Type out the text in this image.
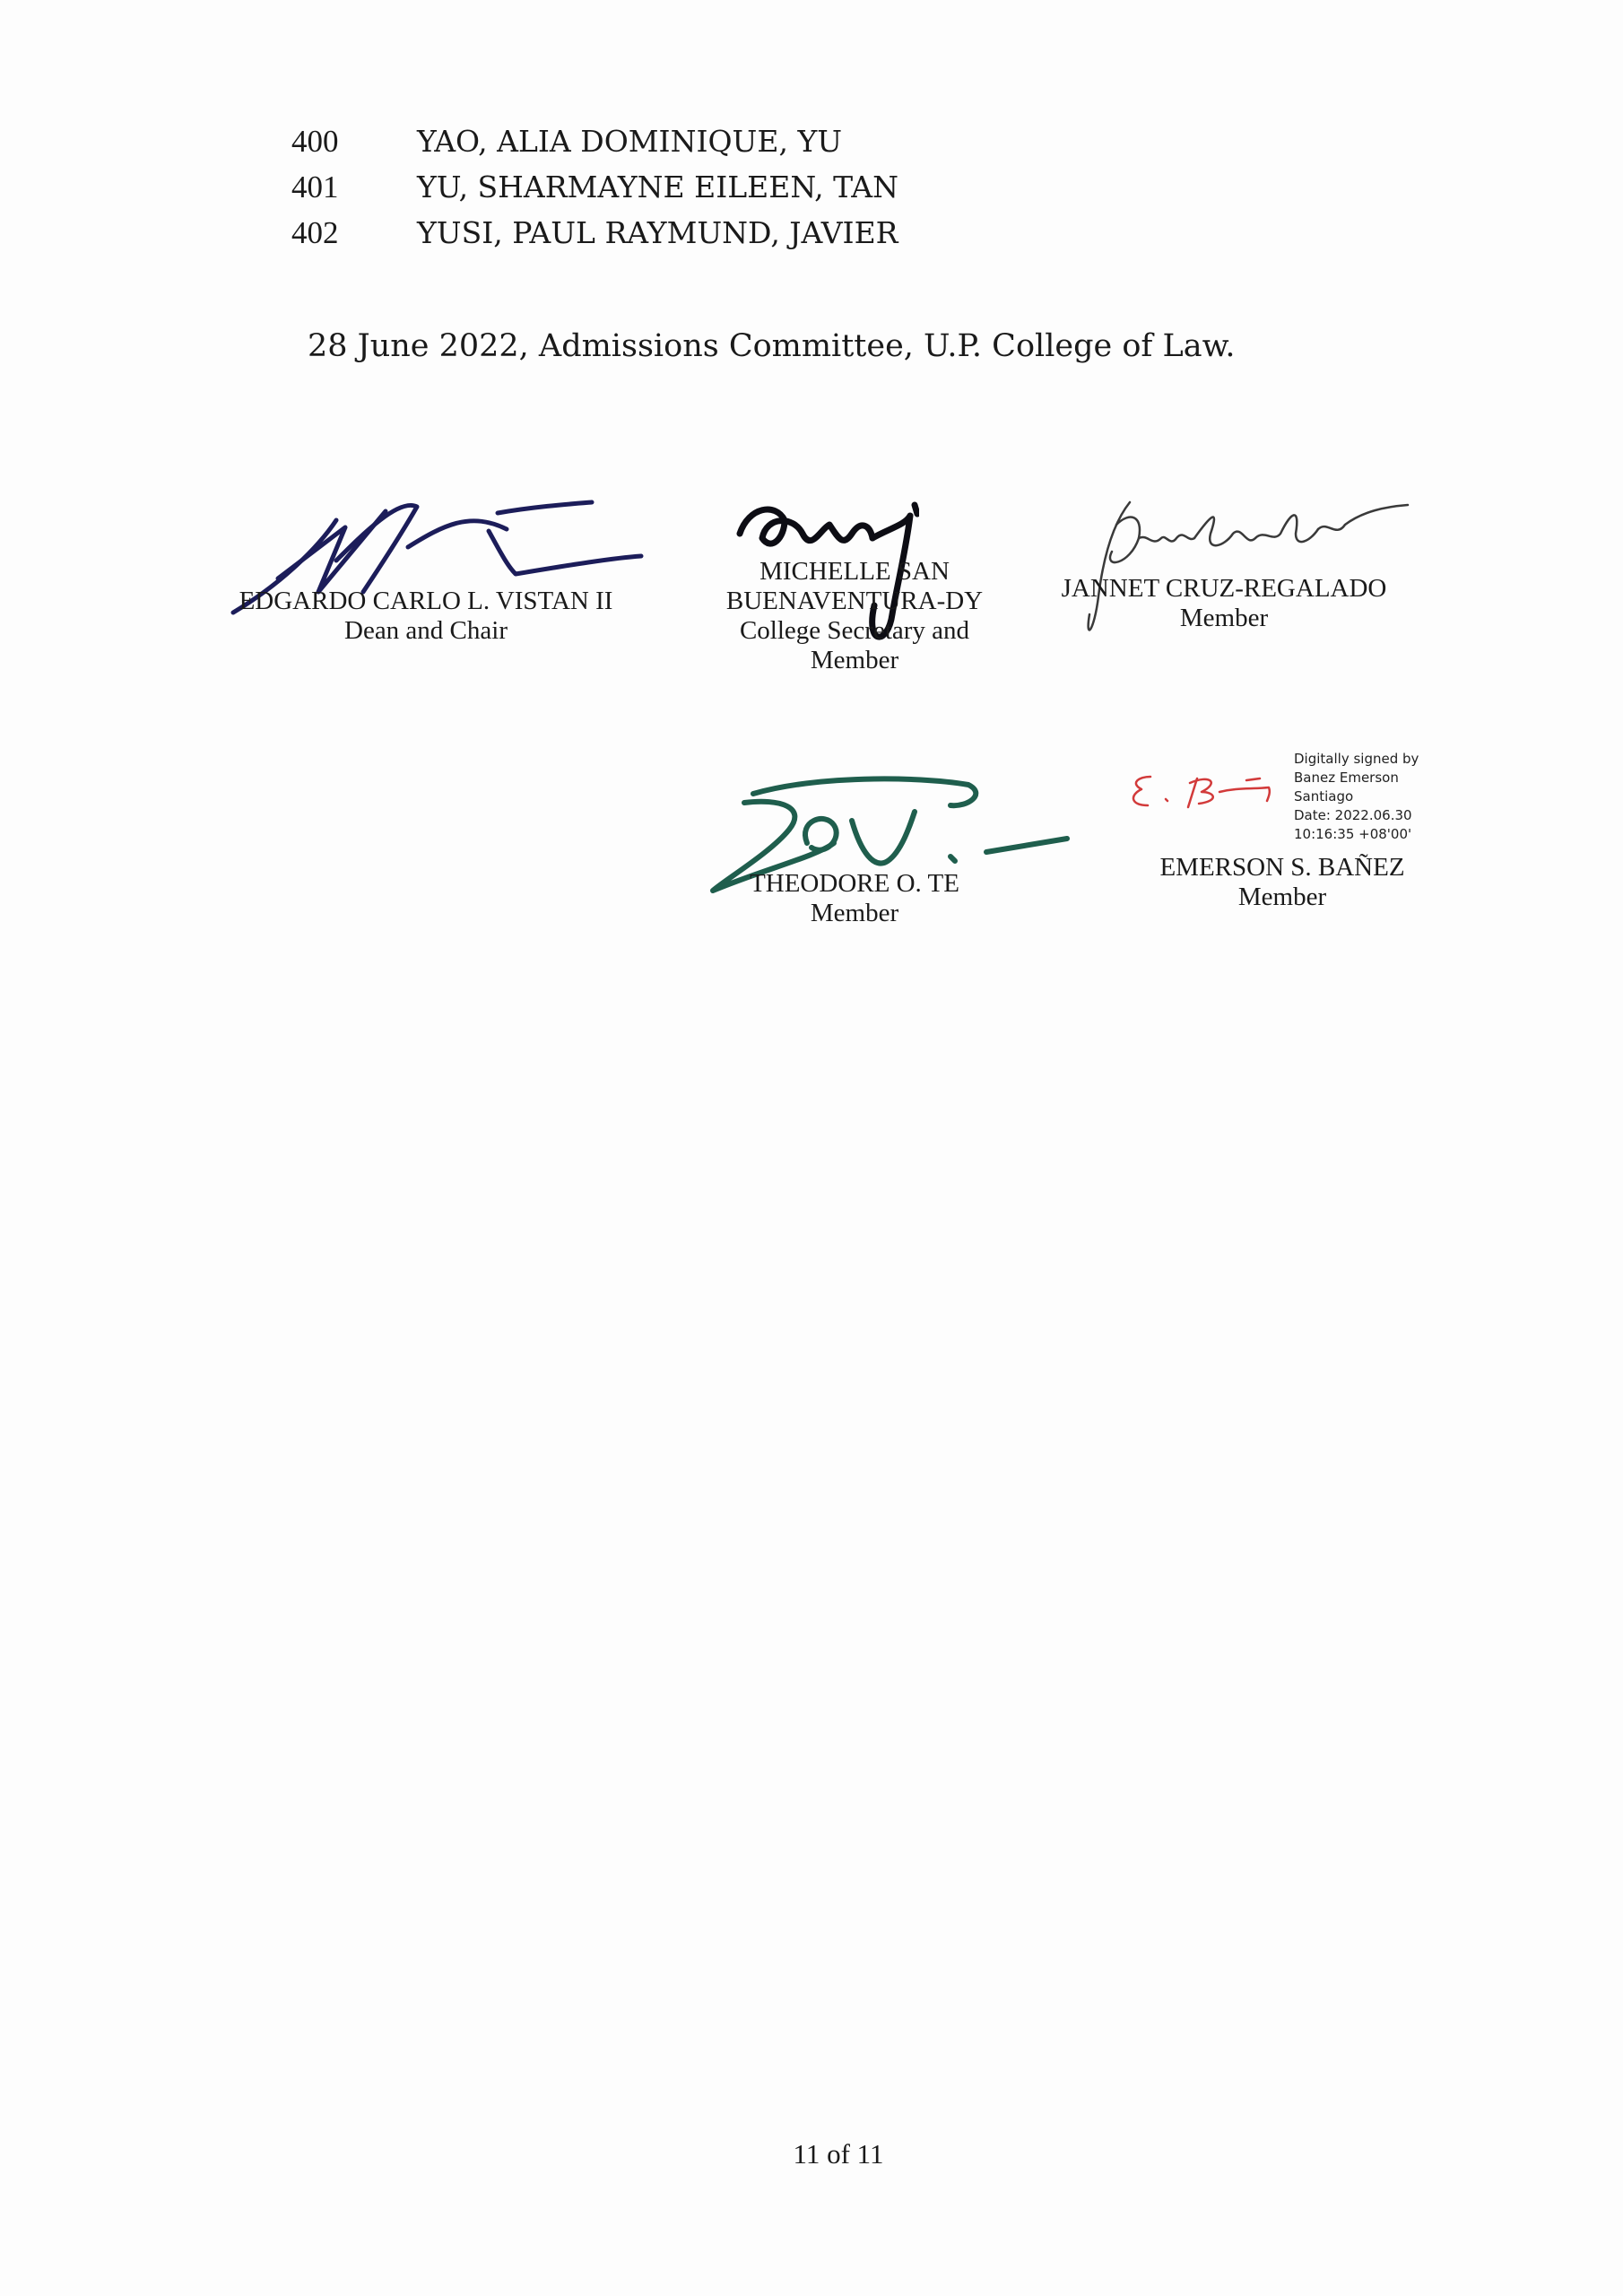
400	YAO, ALIA DOMINIQUE, YU
401	YU, SHARMAYNE EILEEN, TAN
402	YUSI, PAUL RAYMUND, JAVIER
28 June 2022, Admissions Committee, U.P. College of Law.
EDGARDO CARLO L. VISTAN II
Dean and Chair
MICHELLE SAN
BUENAVENTURA-DY
College Secretary and
Member
JANNET CRUZ-REGALADO
Member
THEODORE O. TE
Member
Digitally signed by
Banez Emerson
Santiago
Date: 2022.06.30
10:16:35 +08'00'
EMERSON S. BAÑEZ
Member
11 of 11
